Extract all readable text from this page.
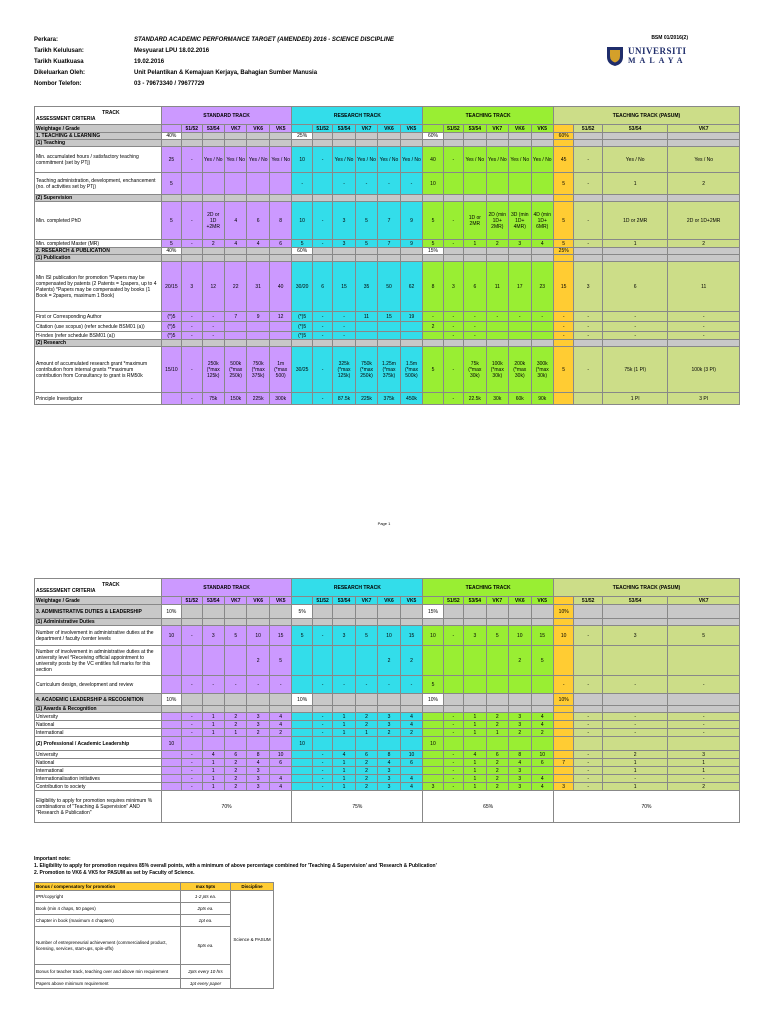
Perkara:	STANDARD ACADEMIC PERFORMANCE TARGET (AMENDED) 2016 - SCIENCE DISCIPLINE
Tarikh Kelulusan:	Mesyuarat LPU 18.02.2016
Tarikh Kuatkuasa	19.02.2016
Dikeluarkan Oleh:	Unit Pelantikan & Kemajuan Kerjaya, Bahagian Sumber Manusia
Nombor Telefon:	03 - 79673340 / 79677729
BSM 01/2016(2)
UNIVERSITI
MALAYA
TRACK
ASSESSMENT CRITERIA	STANDARD TRACK						RESEARCH TRACK						TEACHING TRACK						TEACHING TRACK (PASUM)			
Weightage / Grade		51/52	53/54	VK7	VK6	VK5		51/52	53/54	VK7	VK6	VK5		51/52	53/54	VK7	VK6	VK5		51/52	53/54	VK7
1. TEACHING & LEARNING	40%						25%						60%						60%			
(1) Teaching																						
Min. accumulated hours / satisfactory teaching commitment (set by PTj)	25	-	Yes / No	Yes / No	Yes / No	Yes / No	10	-	Yes / No	Yes / No	Yes / No	Yes / No	40	-	Yes / No	Yes / No	Yes / No	Yes / No	45	-	Yes / No	Yes / No
Teaching administration, development, enchancement (no. of activities set by PTj)	5						-		-	-	-	-	10						5	-	1	2
(2) Supervision																						
Min. completed PhD	5	-	2D or 1D +2MR	4	6	8	10	-	3	5	7	9	5	-	1D or 2MR	2D (min 1D+ 2MR)	3D (min 1D+ 4MR)	4D (min 1D+ 6MR)	5	-	1D or 2MR	2D or 1D+2MR
Min. completed Master (MR)	5	-	2	4	4	6	5	-	3	5	7	9	5	-	1	2	3	4	5	-	1	2
2. RESEARCH & PUBLICATION	40%						60%						15%						25%			
(1) Publication																						
Min ISI publication for promotion *Papers may be compensated by patents (2 Patents = 1papers, up to 4 Patents) *Papers may be compensated by books (1 Book = 2papers, maximum 1 Book)	20/15	3	12	22	31	40	30/20	6	15	35	50	62	8	3	6	11	17	23	15	3	6	11
First or Corresponding Author	(*)5	-	-	7	9	12	(*)5	-	-	11	15	19	-	-	-	-	-	-	-	-	-	-
Citation (use scopus) (refer schedule BSM01 (a))	(*)5	-	-				(*)5	-	-				2	-	-				-	-	-	-
H-index (refer schedule BSM01 (a))	(*)5	-	-				(*)5	-	-					-	-				-	-	-	-
(2) Research																						
Amount of accumulated research grant *maximum contribution from internal grants **maximum contribution from Consultancy to grant is RM50k	15/10	-	250k (*max 125k)	500k (*max 250k)	750k (*max 375k)	1m (*max 500)	30/25	-	325k (*max 125k)	750k (*max 250k)	1.25m (*max 375k)	1.5m (*max 500k)	5	-	75k (*max 30k)	100k (*max 30k)	200k (*max 30k)	300k (*max 30k)	5	-	75k (1 PI)	100k (3 PI)
Principle Investigator		-	75k	150k	225k	300k		-	87.5k	225k	375k	450k		-	22.5k	30k	60k	90k			1 PI	3 PI
Page 1
TRACK
ASSESSMENT CRITERIA	STANDARD TRACK						RESEARCH TRACK						TEACHING TRACK						TEACHING TRACK (PASUM)			
Weightage / Grade		51/52	53/54	VK7	VK6	VK5		51/52	53/54	VK7	VK6	VK5		51/52	53/54	VK7	VK6	VK5		51/52	53/54	VK7
3. ADMINISTRATIVE DUTIES & LEADERSHIP	10%						5%						15%						10%			
(1) Administrative Duties																						
Number of involvement in administrative duties at the department / faculty /center levels	10	-	3	5	10	15	5	-	3	5	10	15	10	-	3	5	10	15	10	-	3	5
Number of involvement in administrative duties at the university level *Receiving official appointment to university posts by the VC entitles full marks for this section					2	5					2	2					2	5				
Curriculum design, development and review		-	-	-	-	-		-	-	-	-	-	5						-	-	-	-
4. ACADEMIC LEADERSHIP & RECOGNITION	10%						10%						10%						10%			
(1) Awards & Recognition																						
University		-	1	2	3	4		-	1	2	3	4		-	1	2	3	4		-	-	-
National		-	1	2	3	4		-	1	2	3	4		-	1	2	3	4		-	-	-
International		-	1	1	2	2		-	1	1	2	2		-	1	1	2	2		-	-	-
(2) Professional / Academic Leadership	10						10						10									
University		-	4	6	8	10		-	4	6	8	10		-	4	6	8	10		-	2	3
National		-	1	2	4	6		-	1	2	4	6		-	1	2	4	6	7	-	1	1
International		-	1	2	3			-	1	2	3			-	1	2	3			-	1	1
Internationalisation initiatives		-	1	2	3	4		-	1	2	3	4		-	1	2	3	4		-	-	-
Contribution to society		-	1	2	3	4		-	1	2	3	4	3	-	1	2	3	4	3	-	1	2
Eligibility to apply for promotion requires minimum % combinations of "Teaching & Supervision" AND "Research & Publication"	70%						75%						65%						70%			
Important note:
1. Eligibility to apply for promotion requires 85% overall points, with a minimum of above percentage combined for 'Teaching & Supervision' and 'Research & Publication'
2. Promotion to VK6 & VK5 for PASUM as set by Faculty of Science.
Bonus / compensatory for promotion	max 5pts	Discipline
IPR/copyright	1-2 pts ea.	Science & PASUM
Book (min 4 chaps, 50 pages)	2pts ea.	
Chapter in book (maximum 4 chapters)	1pt ea.	
Number of entrepreneurial achievement (commercialised product, licensing, services, start-ups, spin-offs)	5pts ea.	
Bonus for teacher track, teaching over and above min requirement	2pts every 10 hrs	
Papers above minimum requirement	1pt every paper	
